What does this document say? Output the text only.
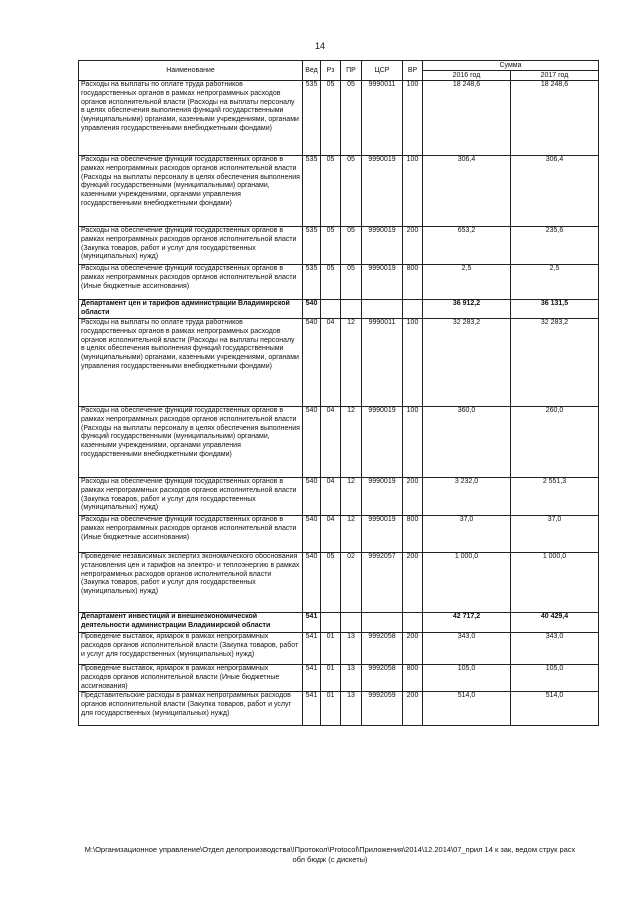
14
Наименование	Вед	Рз	ПР	ЦСР	ВР	Сумма	
						2016 год	2017 год
Расходы на выплаты по оплате труда работников государственных органов в рамках непрограммных расходов органов исполнительной власти (Расходы на выплаты персоналу в целях обеспечения выполнения функций государственными (муниципальными) органами, казенными учреждениями, органами управления государственными внебюджетными фондами)	535	05	05	9990011	100	18 248,6	18 248,6
Расходы на обеспечение функций государственных органов в рамках непрограммных расходов органов исполнительной власти (Расходы на выплаты персоналу в целях обеспечения выполнения функций государственными (муниципальными) органами, казенными учреждениями, органами управления государственными внебюджетными фондами)	535	05	05	9990019	100	306,4	306,4
Расходы на обеспечение функций государственных органов в рамках непрограммных расходов органов исполнительной власти (Закупка товаров, работ и услуг для государственных (муниципальных) нужд)	535	05	05	9990019	200	653,2	235,6
Расходы на обеспечение функций государственных органов в рамках непрограммных расходов органов исполнительной власти (Иные бюджетные ассигнования)	535	05	05	9990019	800	2,5	2,5
Департамент цен и тарифов администрации Владимирской области	540					36 912,2	36 131,5
Расходы на выплаты по оплате труда работников государственных органов в рамках непрограммных расходов органов исполнительной власти (Расходы на выплаты персоналу в целях обеспечения выполнения функций государственными (муниципальными) органами, казенными учреждениями, органами управления государственными внебюджетными фондами)	540	04	12	9990011	100	32 283,2	32 283,2
Расходы на обеспечение функций государственных органов в рамках непрограммных расходов органов исполнительной власти (Расходы на выплаты персоналу в целях обеспечения выполнения функций государственными (муниципальными) органами, казенными учреждениями, органами управления государственными внебюджетными фондами)	540	04	12	9990019	100	360,0	260,0
Расходы на обеспечение функций государственных органов в рамках непрограммных расходов органов исполнительной власти (Закупка товаров, работ и услуг для государственных (муниципальных) нужд)	540	04	12	9990019	200	3 232,0	2 551,3
Расходы на обеспечение функций государственных органов в рамках непрограммных расходов органов исполнительной власти (Иные бюджетные ассигнования)	540	04	12	9990019	800	37,0	37,0
Проведение независимых экспертиз экономического обоснования установления цен и тарифов на электро- и теплоэнергию в рамках непрограммных расходов органов исполнительной власти (Закупка товаров, работ и услуг для государственных (муниципальных) нужд)	540	05	02	9992057	200	1 000,0	1 000,0
Департамент инвестиций и внешнеэкономической деятельности администрации Владимирской области	541					42 717,2	40 429,4
Проведение выставок, ярмарок в рамках непрограммных расходов органов исполнительной власти (Закупка товаров, работ и услуг для государственных (муниципальных) нужд)	541	01	13	9992058	200	343,0	343,0
Проведение выставок, ярмарок в рамках непрограммных расходов органов исполнительной власти (Иные бюджетные ассигнования)	541	01	13	9992058	800	105,0	105,0
Представительские расходы в рамках непрограммных расходов органов исполнительной власти (Закупка товаров, работ и услуг для государственных (муниципальных) нужд)	541	01	13	9992059	200	514,0	514,0
M:\Организационное управление\Отдел делопроизводства\!Протокол\Protocol\Приложения\2014\12.2014\07_прил 14 к зак, ведом струк расх
обл бюдж (с дискеты)
